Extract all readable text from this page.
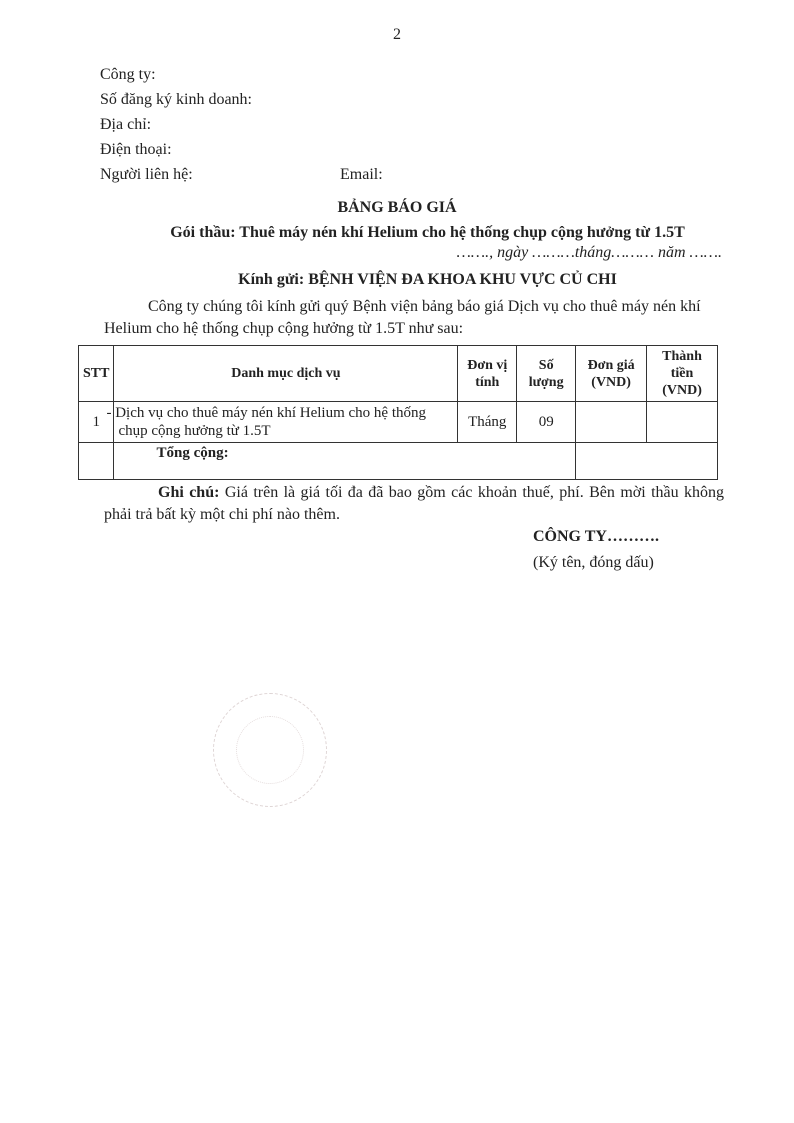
2
Công ty:
Số đăng ký kinh doanh:
Địa chỉ:
Điện thoại:
Người liên hệ:	Email:
BẢNG BÁO GIÁ
Gói thầu: Thuê máy nén khí Helium cho hệ thống chụp cộng hưởng từ 1.5T
……., ngày ………tháng……… năm …….
Kính gửi: BỆNH VIỆN ĐA KHOA KHU VỰC CỦ CHI
Công ty chúng tôi kính gửi quý Bệnh viện bảng báo giá Dịch vụ cho thuê máy nén khí Helium cho hệ thống chụp cộng hưởng từ 1.5T như sau:
STT	Danh mục dịch vụ	Đơn vị tính	Số lượng	Đơn giá (VND)	Thành tiền (VND)
1	- Dịch vụ cho thuê máy nén khí Helium cho hệ thống chụp cộng hưởng từ 1.5T	Tháng	09		
	Tổng cộng:				
Ghi chú: Giá trên là giá tối đa đã bao gồm các khoản thuế, phí. Bên mời thầu không phải trả bất kỳ một chi phí nào thêm.
CÔNG TY……….
(Ký tên, đóng dấu)
